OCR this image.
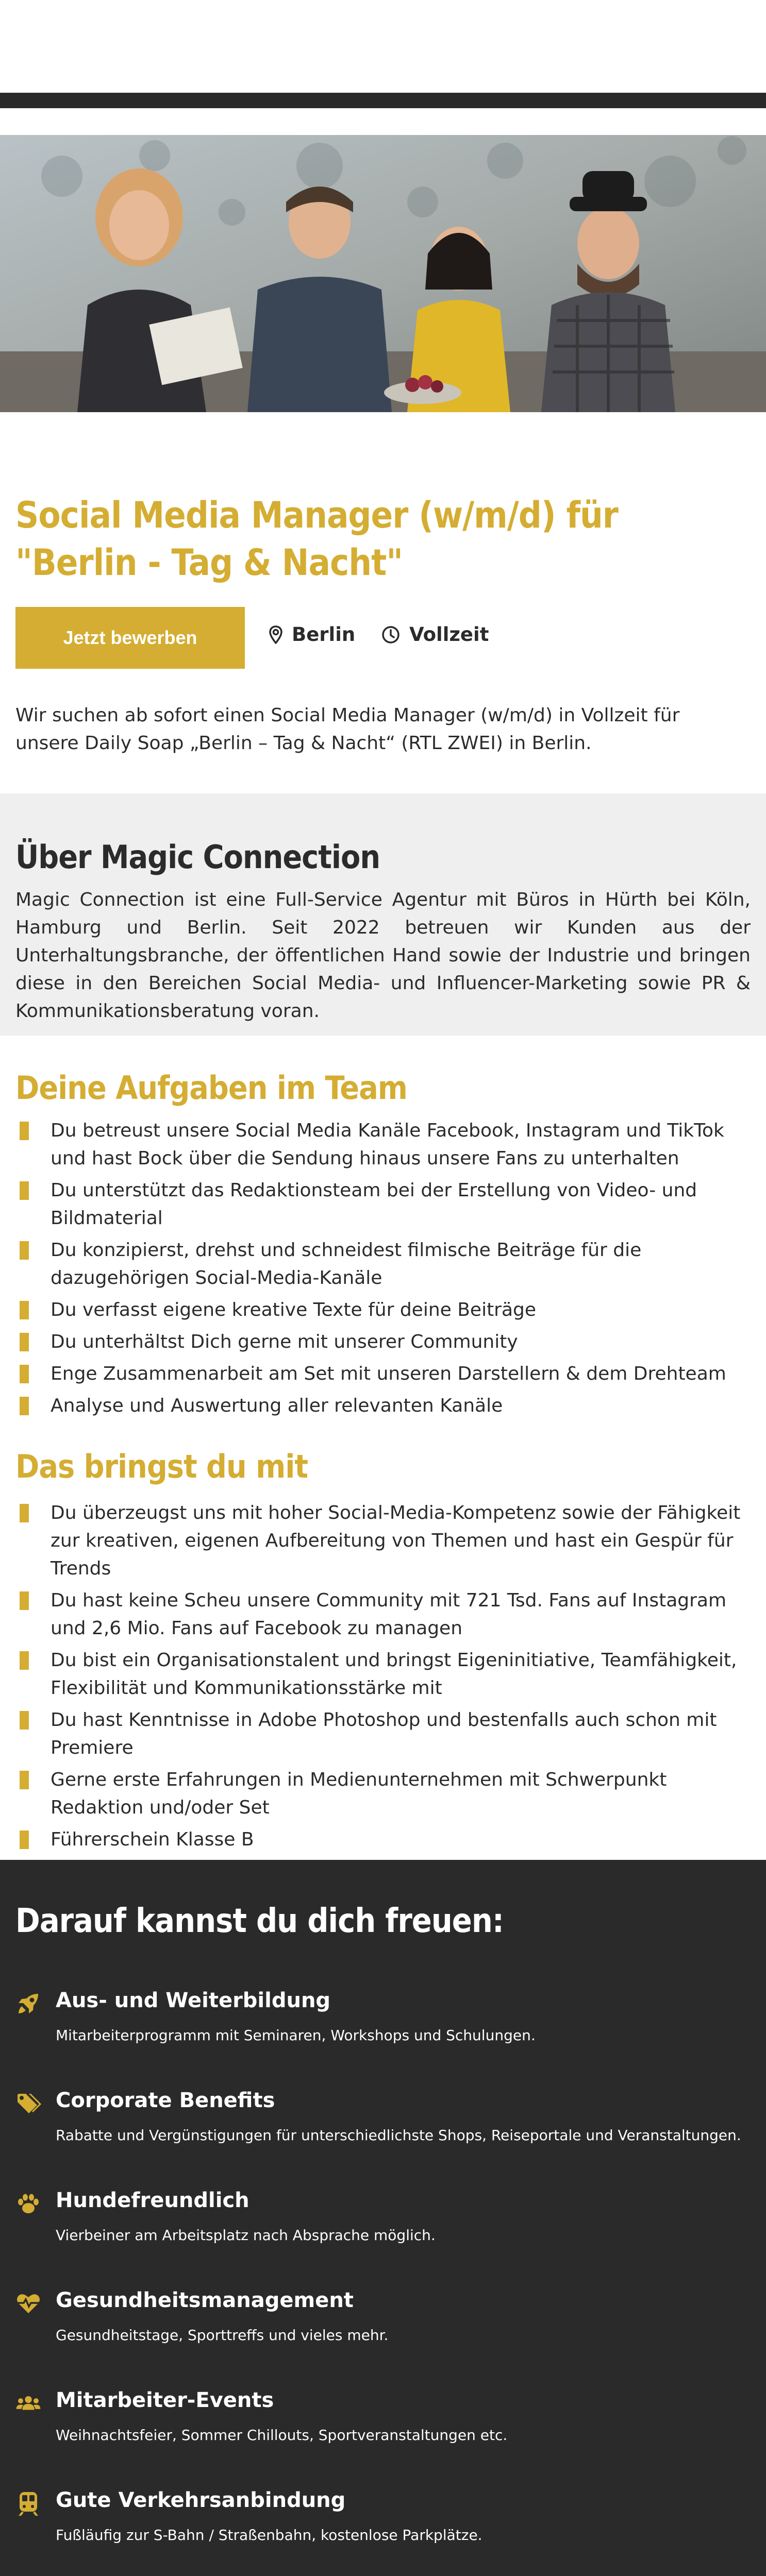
Social Media Manager (w/m/d) für "Berlin - Tag & Nacht"
Jetzt bewerben	Berlin	Vollzeit

Wir suchen ab sofort einen Social Media Manager (w/m/d) in Vollzeit für unsere Daily Soap „Berlin – Tag & Nacht“ (RTL ZWEI) in Berlin.

Über Magic Connection

Magic Connection ist eine Full-Service Agentur mit Büros in Hürth bei Köln, Hamburg und Berlin. Seit 2022 betreuen wir Kunden aus der Unterhaltungsbranche, der öffentlichen Hand sowie der Industrie und bringen diese in den Bereichen Social Media- und Influencer-Marketing sowie PR & Kommunikationsberatung voran.

Deine Aufgaben im Team
Du betreust unsere Social Media Kanäle Facebook, Instagram und TikTok und hast Bock über die Sendung hinaus unsere Fans zu unterhalten
Du unterstützt das Redaktionsteam bei der Erstellung von Video- und Bildmaterial
Du konzipierst, drehst und schneidest filmische Beiträge für die dazugehörigen Social-Media-Kanäle
Du verfasst eigene kreative Texte für deine Beiträge
Du unterhältst Dich gerne mit unserer Community
Enge Zusammenarbeit am Set mit unseren Darstellern & dem Drehteam
Analyse und Auswertung aller relevanten Kanäle
Das bringst du mit
Du überzeugst uns mit hoher Social-Media-Kompetenz sowie der Fähigkeit zur kreativen, eigenen Aufbereitung von Themen und hast ein Gespür für Trends
Du hast keine Scheu unsere Community mit 721 Tsd. Fans auf Instagram und 2,6 Mio. Fans auf Facebook zu managen
Du bist ein Organisationstalent und bringst Eigeninitiative, Teamfähigkeit, Flexibilität und Kommunikationsstärke mit
Du hast Kenntnisse in Adobe Photoshop und bestenfalls auch schon mit Premiere
Gerne erste Erfahrungen in Medienunternehmen mit Schwerpunkt Redaktion und/oder Set
Führerschein Klasse B
Darauf kannst du dich freuen:
Aus- und Weiterbildung
Mitarbeiterprogramm mit Seminaren, Workshops und Schulungen.
Corporate Benefits
Rabatte und Vergünstigungen für unterschiedlichste Shops, Reiseportale und Veranstaltungen.
Hundefreundlich
Vierbeiner am Arbeitsplatz nach Absprache möglich.
Gesundheitsmanagement
Gesundheitstage, Sporttreffs und vieles mehr.
Mitarbeiter-Events
Weihnachtsfeier, Sommer Chillouts, Sportveranstaltungen etc.
Gute Verkehrsanbindung
Fußläufig zur S-Bahn / Straßenbahn, kostenlose Parkplätze.
